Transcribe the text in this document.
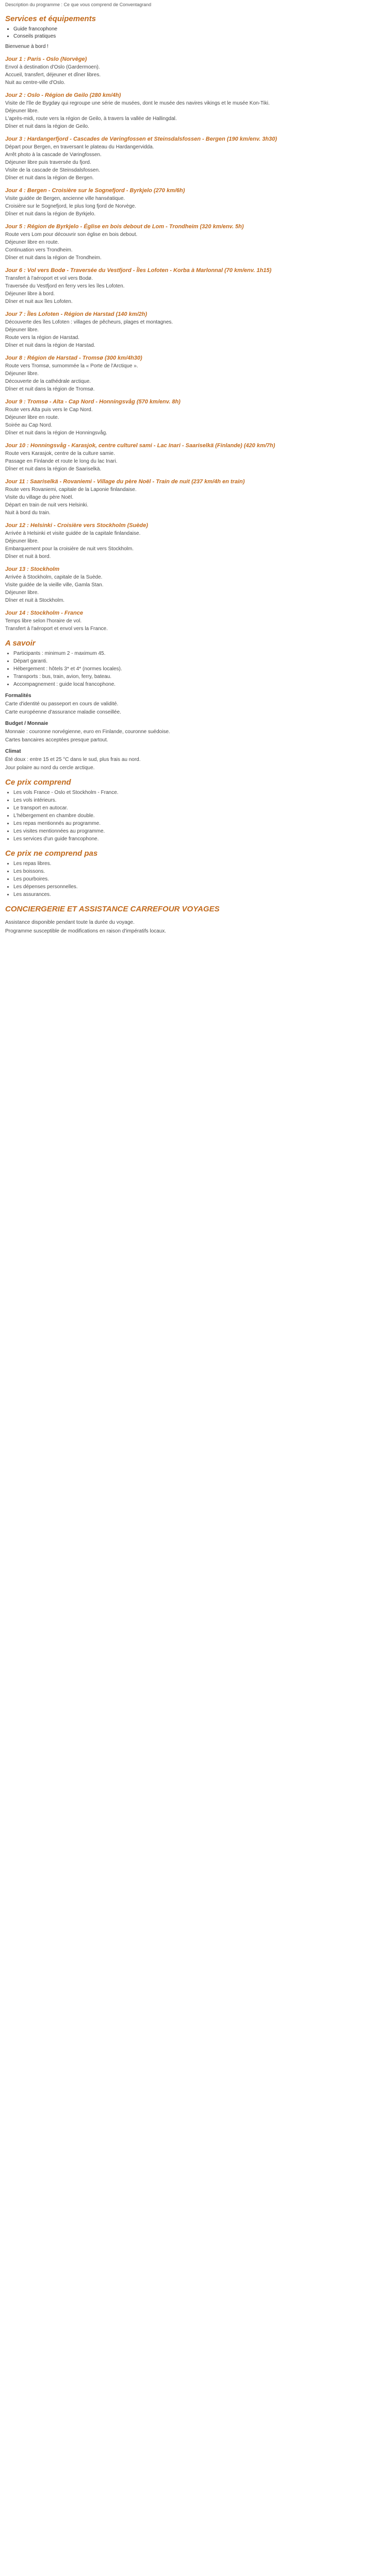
Description du programme : Ce que vous comprend de Conventagrand

Services et équipements
• Guide francophone
• Conseils pratiques

Bienvenue à bord !

Jour 1 : Paris - Oslo (Norvège)

Envol à destination d'Oslo (Gardermoen).

Accueil, transfert, déjeuner et dîner libres.

Nuit au centre-ville d'Oslo.

Jour 2 : Oslo - Région de Geilo (280 km/4h)

Visite de l'île de Bygdøy qui regroupe une série de musées, dont le musée des navires vikings et le musée Kon-Tiki.

Déjeuner libre.

L'après-midi, route vers la région de Geilo, à travers la vallée de Hallingdal.

Dîner et nuit dans la région de Geilo.

Jour 3 : Hardangerfjord - Cascades de Vøringfossen et Steinsdalsfossen - Bergen (190 km/env. 3h30)

Départ pour Bergen, en traversant le plateau du Hardangervidda.

Arrêt photo à la cascade de Vøringfossen.

Déjeuner libre puis traversée du fjord.

Visite de la cascade de Steinsdalsfossen.

Dîner et nuit dans la région de Bergen.

Jour 4 : Bergen - Croisière sur le Sognefjord - Byrkjelo (270 km/6h)

Visite guidée de Bergen, ancienne ville hanséatique.

Croisière sur le Sognefjord, le plus long fjord de Norvège.

Dîner et nuit dans la région de Byrkjelo.

Jour 5 : Région de Byrkjelo - Église en bois debout de Lom - Trondheim (320 km/env. 5h)

Route vers Lom pour découvrir son église en bois debout.

Déjeuner libre en route.

Continuation vers Trondheim.

Dîner et nuit dans la région de Trondheim.

Jour 6 : Vol vers Bodø - Traversée du Vestfjord - Îles Lofoten - Korba à Marlonnal (70 km/env. 1h15)

Transfert à l'aéroport et vol vers Bodø.

Traversée du Vestfjord en ferry vers les îles Lofoten.

Déjeuner libre à bord.

Dîner et nuit aux îles Lofoten.

Jour 7 : Îles Lofoten - Région de Harstad (140 km/2h)

Découverte des îles Lofoten : villages de pêcheurs, plages et montagnes.

Déjeuner libre.

Route vers la région de Harstad.

Dîner et nuit dans la région de Harstad.

Jour 8 : Région de Harstad - Tromsø (300 km/4h30)

Route vers Tromsø, surnommée la « Porte de l'Arctique ».

Déjeuner libre.

Découverte de la cathédrale arctique.

Dîner et nuit dans la région de Tromsø.

Jour 9 : Tromsø - Alta - Cap Nord - Honningsvåg (570 km/env. 8h)

Route vers Alta puis vers le Cap Nord.

Déjeuner libre en route.

Soirée au Cap Nord.

Dîner et nuit dans la région de Honningsvåg.

Jour 10 : Honningsvåg - Karasjok, centre culturel sami - Lac Inari - Saariselkä (Finlande) (420 km/7h)

Route vers Karasjok, centre de la culture samie.

Passage en Finlande et route le long du lac Inari.

Dîner et nuit dans la région de Saariselkä.

Jour 11 : Saariselkä - Rovaniemi - Village du père Noël - Train de nuit (237 km/4h en train)

Route vers Rovaniemi, capitale de la Laponie finlandaise.

Visite du village du père Noël.

Départ en train de nuit vers Helsinki.

Nuit à bord du train.

Jour 12 : Helsinki - Croisière vers Stockholm (Suède)

Arrivée à Helsinki et visite guidée de la capitale finlandaise.

Déjeuner libre.

Embarquement pour la croisière de nuit vers Stockholm.

Dîner et nuit à bord.

Jour 13 : Stockholm

Arrivée à Stockholm, capitale de la Suède.

Visite guidée de la vieille ville, Gamla Stan.

Déjeuner libre.

Dîner et nuit à Stockholm.

Jour 14 : Stockholm - France

Temps libre selon l'horaire de vol.

Transfert à l'aéroport et envol vers la France.

A savoir
• Participants : minimum 2 - maximum 45.
• Départ garanti.
• Hébergement : hôtels 3* et 4* (normes locales).
• Transports : bus, train, avion, ferry, bateau.
• Accompagnement : guide local francophone.

Formalités

Carte d'identité ou passeport en cours de validité.

Carte européenne d'assurance maladie conseillée.

Budget / Monnaie

Monnaie : couronne norvégienne, euro en Finlande, couronne suédoise.

Cartes bancaires acceptées presque partout.

Climat

Été doux : entre 15 et 25 °C dans le sud, plus frais au nord.

Jour polaire au nord du cercle arctique.

Ce prix comprend
• Les vols France - Oslo et Stockholm - France.
• Les vols intérieurs.
• Le transport en autocar.
• L'hébergement en chambre double.
• Les repas mentionnés au programme.
• Les visites mentionnées au programme.
• Les services d'un guide francophone.
Ce prix ne comprend pas
• Les repas libres.
• Les boissons.
• Les pourboires.
• Les dépenses personnelles.
• Les assurances.
CONCIERGERIE ET ASSISTANCE CARREFOUR VOYAGES

Assistance disponible pendant toute la durée du voyage.

Programme susceptible de modifications en raison d'impératifs locaux.
